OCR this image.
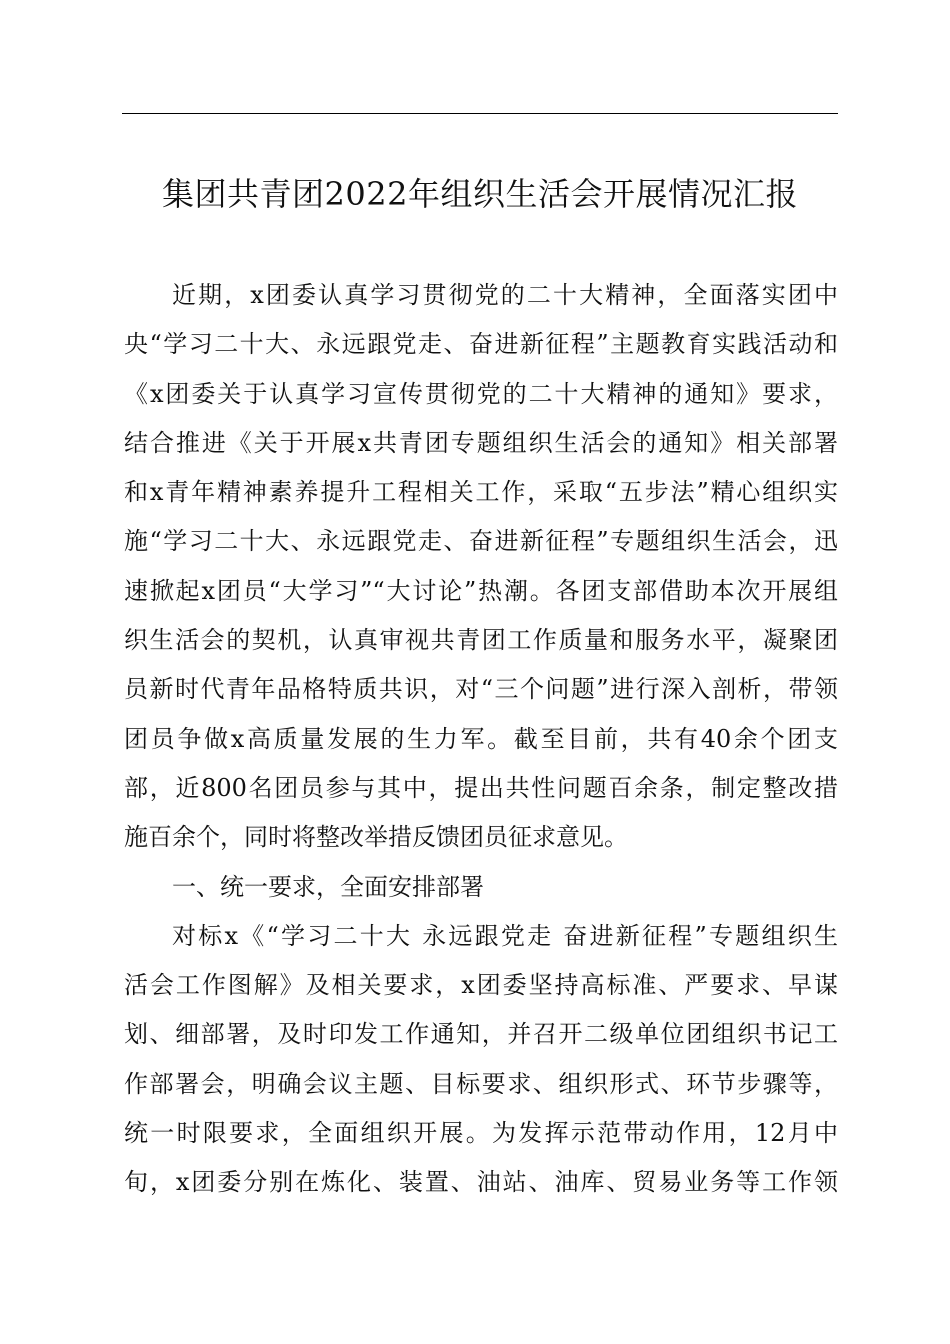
集团共青团2022年组织生活会开展情况汇报
近期，x团委认真学习贯彻党的二十大精神，全面落实团中
央“学习二十大、永远跟党走、奋进新征程”主题教育实践活动和
《x团委关于认真学习宣传贯彻党的二十大精神的通知》要求，
结合推进《关于开展x共青团专题组织生活会的通知》相关部署
和x青年精神素养提升工程相关工作，采取“五步法”精心组织实
施“学习二十大、永远跟党走、奋进新征程”专题组织生活会，迅
速掀起x团员“大学习”“大讨论”热潮。各团支部借助本次开展组
织生活会的契机，认真审视共青团工作质量和服务水平，凝聚团
员新时代青年品格特质共识，对“三个问题”进行深入剖析，带领
团员争做x高质量发展的生力军。截至目前，共有40余个团支
部，近800名团员参与其中，提出共性问题百余条，制定整改措
施百余个，同时将整改举措反馈团员征求意见。
一、统一要求，全面安排部署
对标x《“学习二十大 永远跟党走 奋进新征程”专题组织生
活会工作图解》及相关要求，x团委坚持高标准、严要求、早谋
划、细部署，及时印发工作通知，并召开二级单位团组织书记工
作部署会，明确会议主题、目标要求、组织形式、环节步骤等，
统一时限要求，全面组织开展。为发挥示范带动作用，12月中
旬，x团委分别在炼化、装置、油站、油库、贸易业务等工作领
